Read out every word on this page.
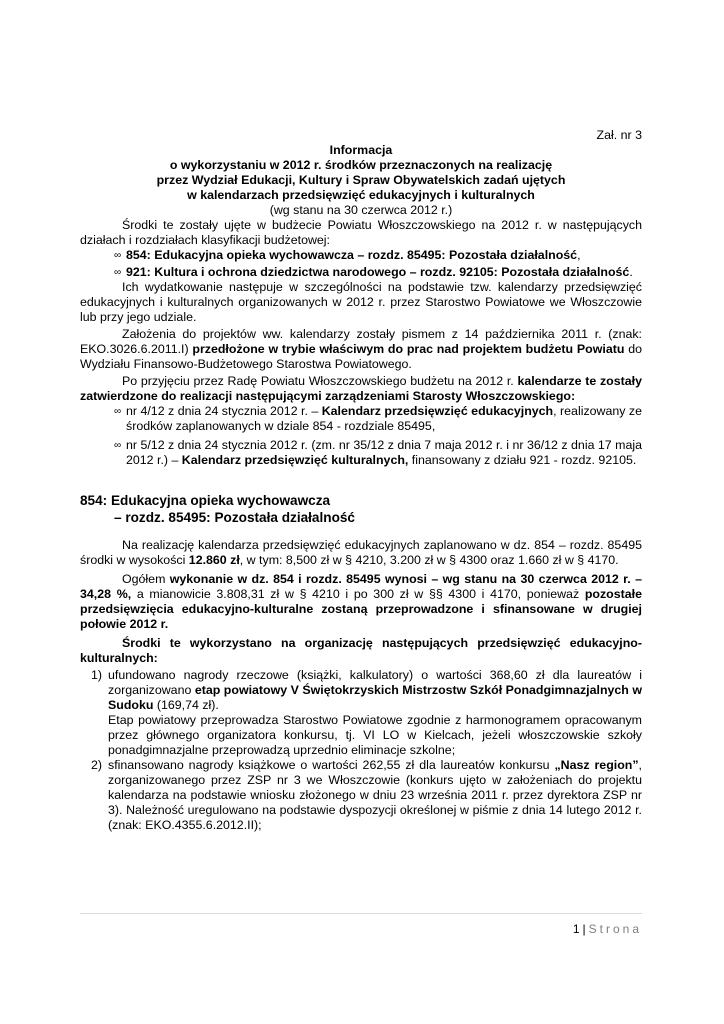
Zał. nr 3

Informacja

o wykorzystaniu w 2012 r. środków przeznaczonych na realizację

przez Wydział Edukacji, Kultury i Spraw Obywatelskich zadań ujętych

w kalendarzach przedsięwzięć edukacyjnych i kulturalnych

(wg stanu na 30 czerwca 2012 r.)

Środki te zostały ujęte w budżecie Powiatu Włoszczowskiego na 2012 r. w następujących działach i rozdziałach klasyfikacji budżetowej:

∞ 854: Edukacyjna opieka wychowawcza – rozdz. 85495: Pozostała działalność,

∞ 921: Kultura i ochrona dziedzictwa narodowego – rozdz. 92105: Pozostała działalność.

Ich wydatkowanie następuje w szczególności na podstawie tzw. kalendarzy przedsięwzięć edukacyjnych i kulturalnych organizowanych w 2012 r. przez Starostwo Powiatowe we Włoszczowie lub przy jego udziale.

Założenia do projektów ww. kalendarzy zostały pismem z 14 października 2011 r. (znak: EKO.3026.6.2011.I) przedłożone w trybie właściwym do prac nad projektem budżetu Powiatu do Wydziału Finansowo-Budżetowego Starostwa Powiatowego.

Po przyjęciu przez Radę Powiatu Włoszczowskiego budżetu na 2012 r. kalendarze te zostały zatwierdzone do realizacji następującymi zarządzeniami Starosty Włoszczowskiego:

∞ nr 4/12 z dnia 24 stycznia 2012 r. – Kalendarz przedsięwzięć edukacyjnych, realizowany ze środków zaplanowanych w dziale 854 - rozdziale 85495,

∞ nr 5/12 z dnia 24 stycznia 2012 r. (zm. nr 35/12 z dnia 7 maja 2012 r. i nr 36/12 z dnia 17 maja 2012 r.) – Kalendarz przedsięwzięć kulturalnych, finansowany z działu 921 - rozdz. 92105.

854: Edukacyjna opieka wychowawcza
– rozdz. 85495: Pozostała działalność

Na realizację kalendarza przedsięwzięć edukacyjnych zaplanowano w dz. 854 – rozdz. 85495 środki w wysokości 12.860 zł, w tym: 8,500 zł w § 4210, 3.200 zł w § 4300 oraz 1.660 zł w § 4170.

Ogółem wykonanie w dz. 854 i rozdz. 85495 wynosi – wg stanu na 30 czerwca 2012 r. – 34,28 %, a mianowicie 3.808,31 zł w § 4210 i po 300 zł w §§ 4300 i 4170, ponieważ pozostałe przedsięwzięcia edukacyjno-kulturalne zostaną przeprowadzone i sfinansowane w drugiej połowie 2012 r.

Środki te wykorzystano na organizację następujących przedsięwzięć edukacyjno-kulturalnych:

1) ufundowano nagrody rzeczowe (książki, kalkulatory) o wartości 368,60 zł dla laureatów i zorganizowano etap powiatowy V Świętokrzyskich Mistrzostw Szkół Ponadgimnazjalnych w Sudoku (169,74 zł).
Etap powiatowy przeprowadza Starostwo Powiatowe zgodnie z harmonogramem opracowanym przez głównego organizatora konkursu, tj. VI LO w Kielcach, jeżeli włoszczowskie szkoły ponadgimnazjalne przeprowadzą uprzednio eliminacje szkolne;
2) sfinansowano nagrody książkowe o wartości 262,55 zł dla laureatów konkursu „Nasz region”, zorganizowanego przez ZSP nr 3 we Włoszczowie (konkurs ujęto w założeniach do projektu kalendarza na podstawie wniosku złożonego w dniu 23 września 2011 r. przez dyrektora ZSP nr 3). Należność uregulowano na podstawie dyspozycji określonej w piśmie z dnia 14 lutego 2012 r. (znak: EKO.4355.6.2012.II);
1 | Strona
